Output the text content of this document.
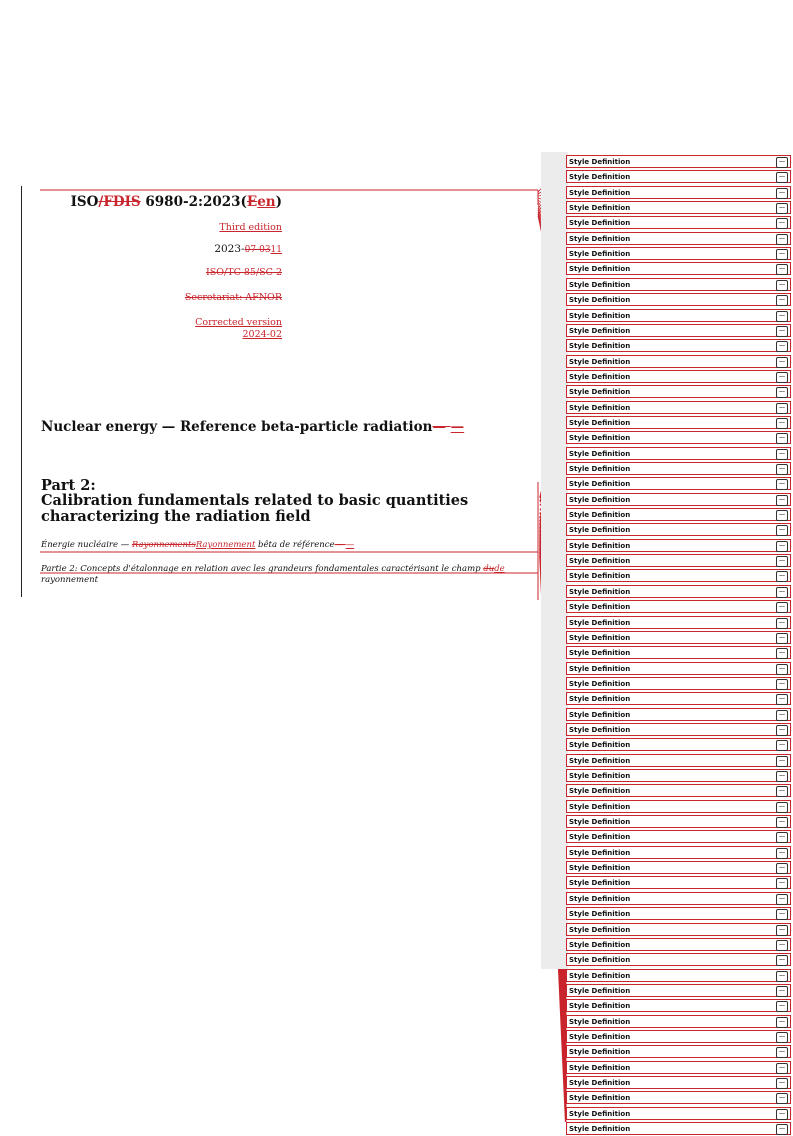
ISO/FDIS 6980-2:2023(Een)
Third edition
2023-07-0311
ISO/TC 85/SC 2
Secretariat: AFNOR
Corrected version
2024-02
Nuclear energy — Reference beta-particle radiation— —
Part 2:
Calibration fundamentals related to basic quantities characterizing the radiation field
Énergie nucléaire — RayonnementsRayonnement bêta de référence— —
Partie 2: Concepts d'étalonnage en relation avec les grandeurs fondamentales caractérisant le champ dude
rayonnement
Style Definition	...
Style Definition	...
Style Definition	...
Style Definition	...
Style Definition	...
Style Definition	...
Style Definition	...
Style Definition	...
Style Definition	...
Style Definition	...
Style Definition	...
Style Definition	...
Style Definition	...
Style Definition	...
Style Definition	...
Style Definition	...
Style Definition	...
Style Definition	...
Style Definition	...
Style Definition	...
Style Definition	...
Style Definition	...
Style Definition	...
Style Definition	...
Style Definition	...
Style Definition	...
Style Definition	...
Style Definition	...
Style Definition	...
Style Definition	...
Style Definition	...
Style Definition	...
Style Definition	...
Style Definition	...
Style Definition	...
Style Definition	...
Style Definition	...
Style Definition	...
Style Definition	...
Style Definition	...
Style Definition	...
Style Definition	...
Style Definition	...
Style Definition	...
Style Definition	...
Style Definition	...
Style Definition	...
Style Definition	...
Style Definition	...
Style Definition	...
Style Definition	...
Style Definition	...
Style Definition	...
Style Definition	...
Style Definition	...
Style Definition	...
Style Definition	...
Style Definition	...
Style Definition	...
Style Definition	...
Style Definition	...
Style Definition	...
Style Definition	...
Style Definition	...
